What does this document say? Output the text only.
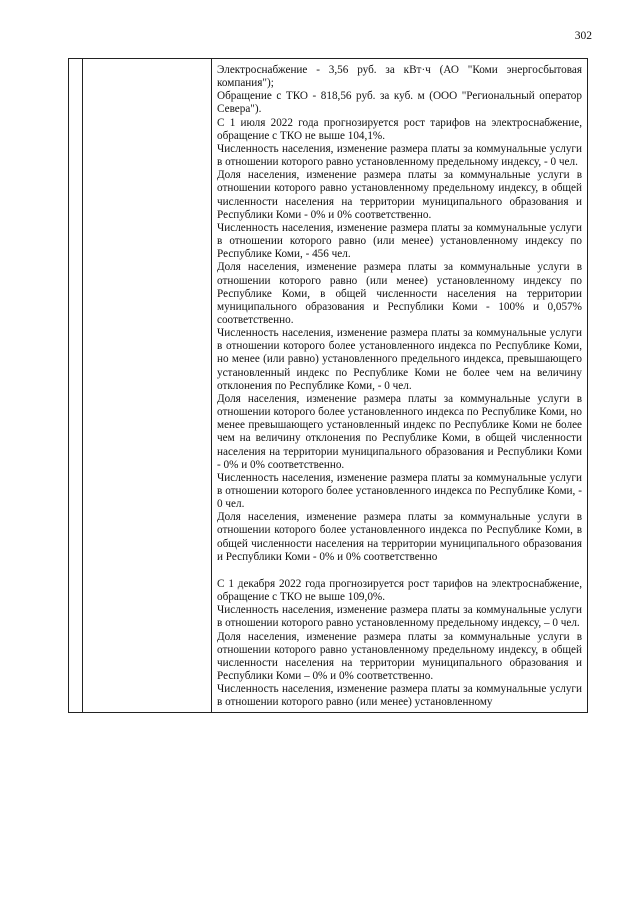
302

Электроснабжение - 3,56 руб. за кВт·ч (АО "Коми энергосбытовая компания");

Обращение с ТКО - 818,56 руб. за куб. м (ООО "Региональный оператор Севера").

С 1 июля 2022 года прогнозируется рост тарифов на электроснабжение, обращение с ТКО не выше 104,1%.

Численность населения, изменение размера платы за коммунальные услуги в отношении которого равно установленному предельному индексу, - 0 чел.

Доля населения, изменение размера платы за коммунальные услуги в отношении которого равно установленному предельному индексу, в общей численности населения на территории муниципального образования и Республики Коми - 0% и 0% соответственно.

Численность населения, изменение размера платы за коммунальные услуги в отношении которого равно (или менее) установленному индексу по Республике Коми, - 456 чел.

Доля населения, изменение размера платы за коммунальные услуги в отношении которого равно (или менее) установленному индексу по Республике Коми, в общей численности населения на территории муниципального образования и Республики Коми - 100% и 0,057% соответственно.

Численность населения, изменение размера платы за коммунальные услуги в отношении которого более установленного индекса по Республике Коми, но менее (или равно) установленного предельного индекса, превышающего установленный индекс по Республике Коми не более чем на величину отклонения по Республике Коми, - 0 чел.

Доля населения, изменение размера платы за коммунальные услуги в отношении которого более установленного индекса по Республике Коми, но менее превышающего установленный индекс по Республике Коми не более чем на величину отклонения по Республике Коми, в общей численности населения на территории муниципального образования и Республики Коми - 0% и 0% соответственно.

Численность населения, изменение размера платы за коммунальные услуги в отношении которого более установленного индекса по Республике Коми, - 0 чел.

Доля населения, изменение размера платы за коммунальные услуги в отношении которого более установленного индекса по Республике Коми, в общей численности населения на территории муниципального образования и Республики Коми - 0% и 0% соответственно

С 1 декабря 2022 года прогнозируется рост тарифов на электроснабжение, обращение с ТКО не выше 109,0%.

Численность населения, изменение размера платы за коммунальные услуги в отношении которого равно установленному предельному индексу, – 0 чел.

Доля населения, изменение размера платы за коммунальные услуги в отношении которого равно установленному предельному индексу, в общей численности населения на территории муниципального образования и Республики Коми – 0% и 0% соответственно.

Численность населения, изменение размера платы за коммунальные услуги в отношении которого равно (или менее) установленному
